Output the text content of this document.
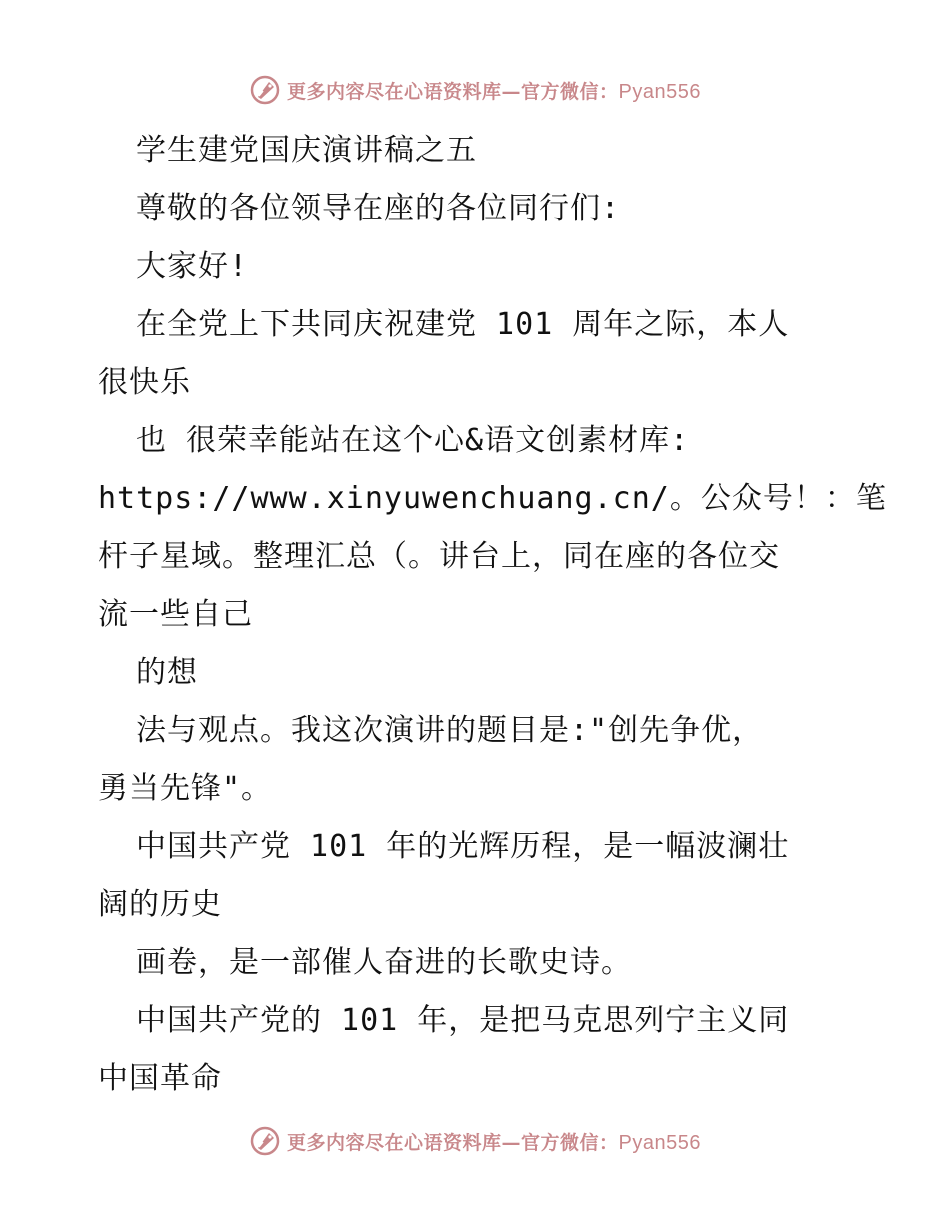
更多内容尽在心语资料库—官方微信：Pyan556
学生建党国庆演讲稿之五
尊敬的各位领导在座的各位同行们:
大家好!
在全党上下共同庆祝建党 101 周年之际，本人
很快乐
也 很荣幸能站在这个心&语文创素材库:
https://www.xinyuwenchuang.cn/。公众号！：笔
杆子星域。整理汇总（。讲台上，同在座的各位交
流一些自己
的想
法与观点。我这次演讲的题目是:"创先争优，
勇当先锋"。
中国共产党 101 年的光辉历程，是一幅波澜壮
阔的历史
画卷，是一部催人奋进的长歌史诗。
中国共产党的 101 年，是把马克思列宁主义同
中国革命
更多内容尽在心语资料库—官方微信：Pyan556
